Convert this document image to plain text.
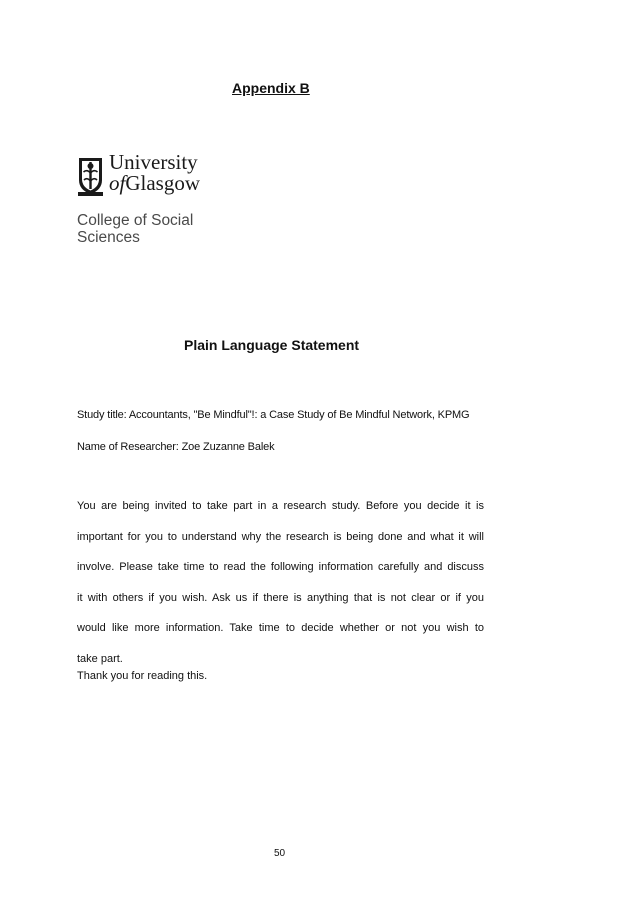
Appendix B
University
ofGlasgow
College of Social
Sciences
Plain Language Statement
Study title: Accountants, "Be Mindful"!: a Case Study of Be Mindful Network, KPMG
Name of Researcher: Zoe Zuzanne Balek
You are being invited to take part in a research study. Before you decide it is
important for you to understand why the research is being done and what it will
involve. Please take time to read the following information carefully and discuss
it with others if you wish. Ask us if there is anything that is not clear or if you
would like more information. Take time to decide whether or not you wish to
take part.
Thank you for reading this.
50
